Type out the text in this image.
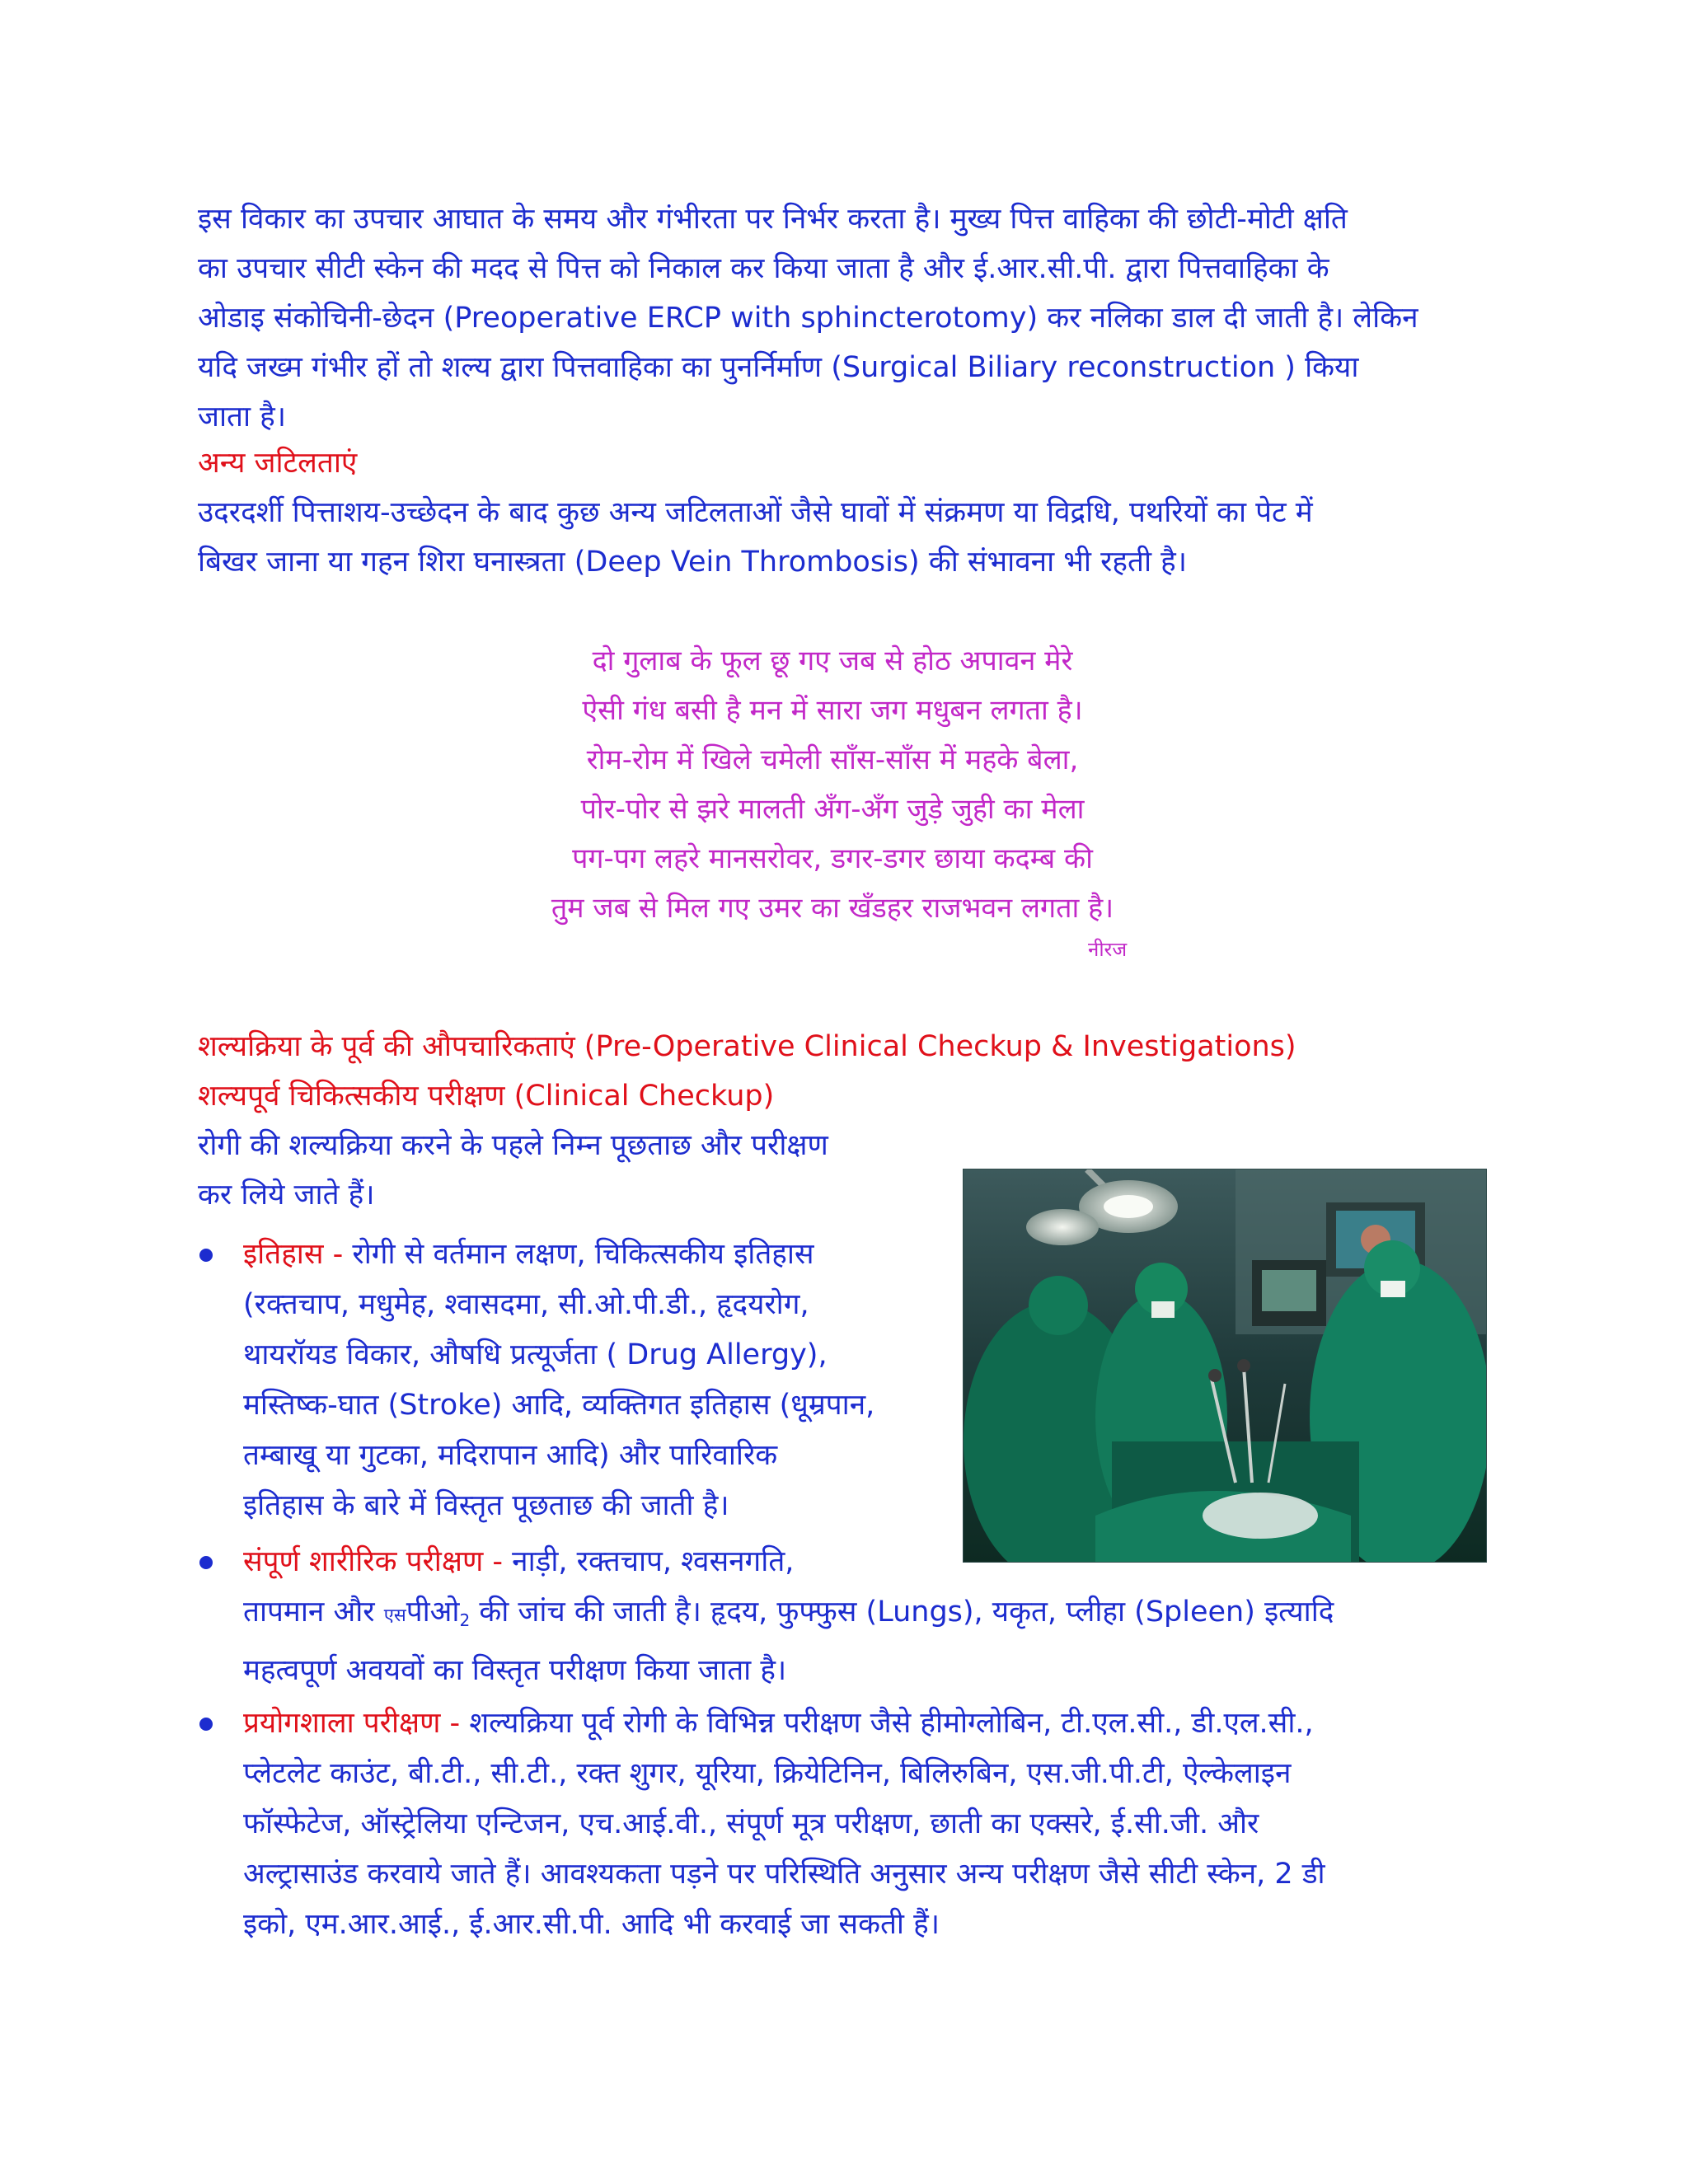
इस विकार का उपचार आघात के समय और गंभीरता पर निर्भर करता है। मुख्य पित्त वाहिका की छोटी-मोटी क्षति
का उपचार सीटी स्केन की मदद से पित्त को निकाल कर किया जाता है और ई.आर.सी.पी. द्वारा पित्तवाहिका के
ओडाइ संकोचिनी-छेदन (Preoperative ERCP with sphincterotomy) कर नलिका डाल दी जाती है। लेकिन
यदि जख्म गंभीर हों तो शल्य द्वारा पित्तवाहिका का पुनर्निर्माण (Surgical Biliary reconstruction ) किया
जाता है।
अन्य जटिलताएं
उदरदर्शी पित्ताशय-उच्छेदन के बाद कुछ अन्य जटिलताओं जैसे घावों में संक्रमण या विद्रधि, पथरियों का पेट में
बिखर जाना या गहन शिरा घनास्त्रता (Deep Vein Thrombosis) की संभावना भी रहती है।
दो गुलाब के फूल छू गए जब से होठ अपावन मेरे
ऐसी गंध बसी है मन में सारा जग मधुबन लगता है।
रोम-रोम में खिले चमेली साँस-साँस में महके बेला,
पोर-पोर से झरे मालती अँग-अँग जुड़े जुही का मेला
पग-पग लहरे मानसरोवर, डगर-डगर छाया कदम्ब की
तुम जब से मिल गए उमर का खँडहर राजभवन लगता है।
नीरज
शल्यक्रिया के पूर्व की औपचारिकताएं (Pre-Operative Clinical Checkup & Investigations)
शल्यपूर्व चिकित्सकीय परीक्षण (Clinical Checkup)
रोगी की शल्यक्रिया करने के पहले निम्न पूछताछ और परीक्षण
कर लिये जाते हैं।
इतिहास - रोगी से वर्तमान लक्षण, चिकित्सकीय इतिहास
(रक्तचाप, मधुमेह, श्वासदमा, सी.ओ.पी.डी., हृदयरोग,
थायरॉयड विकार, औषधि प्रत्यूर्जता ( Drug Allergy),
मस्तिष्क-घात (Stroke) आदि, व्यक्तिगत इतिहास (धूम्रपान,
तम्बाखू या गुटका, मदिरापान आदि) और पारिवारिक
इतिहास के बारे में विस्तृत पूछताछ की जाती है।
संपूर्ण शारीरिक परीक्षण - नाड़ी, रक्तचाप, श्वसनगति,
तापमान और एसपीओ$_2$ की जांच की जाती है। हृदय, फुफ्फुस (Lungs), यकृत, प्लीहा (Spleen) इत्यादि
महत्वपूर्ण अवयवों का विस्तृत परीक्षण किया जाता है।
प्रयोगशाला परीक्षण - शल्यक्रिया पूर्व रोगी के विभिन्न परीक्षण जैसे हीमोग्लोबिन, टी.एल.सी., डी.एल.सी.,
प्लेटलेट काउंट, बी.टी., सी.टी., रक्त शुगर, यूरिया, क्रियेटिनिन, बिलिरुबिन, एस.जी.पी.टी, ऐल्केलाइन
फॉस्फेटेज, ऑस्ट्रेलिया एन्टिजन, एच.आई.वी., संपूर्ण मूत्र परीक्षण, छाती का एक्सरे, ई.सी.जी. और
अल्ट्रासाउंड करवाये जाते हैं। आवश्यकता पड़ने पर परिस्थिति अनुसार अन्य परीक्षण जैसे सीटी स्केन, 2 डी
इको, एम.आर.आई., ई.आर.सी.पी. आदि भी करवाई जा सकती हैं।
